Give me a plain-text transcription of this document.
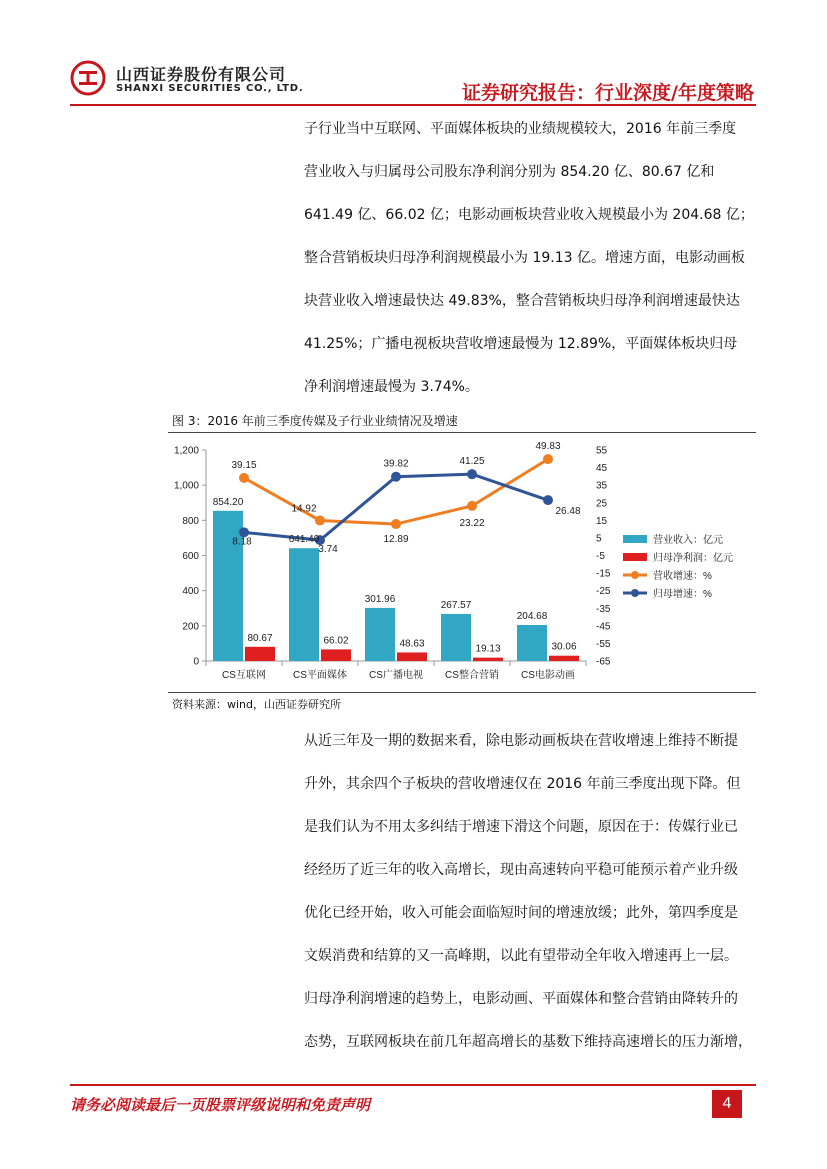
山西证券股份有限公司
SHANXI SECURITIES CO., LTD.	证券研究报告：行业深度/年度策略
子行业当中互联网、平面媒体板块的业绩规模较大，2016 年前三季度
营业收入与归属母公司股东净利润分别为 854.20 亿、80.67 亿和
641.49 亿、66.02 亿；电影动画板块营业收入规模最小为 204.68 亿；
整合营销板块归母净利润规模最小为 19.13 亿。增速方面，电影动画板
块营业收入增速最快达 49.83%，整合营销板块归母净利润增速最快达
41.25%；广播电视板块营收增速最慢为 12.89%，平面媒体板块归母
净利润增速最慢为 3.74%。
图 3：2016 年前三季度传媒及子行业业绩情况及增速
0
200
400
600
800
1,000
1,200	55
45
35
25
15
5
-5
-15
-25
-35
-45
-55
-65
CS互联网	CS平面媒体 CS广播电视 CS整合营销 CS电影动画
854.20
641.49
301.96
267.57
204.68
80.67	66.02	48.63	19.13	30.06
39.15
14.92
12.89
23.22
49.83
8.18
3.74
39.82	41.25
26.48
营业收入：亿元
归母净利润：亿元
营收增速：%
归母增速：%
资料来源：wind，山西证券研究所
从近三年及一期的数据来看，除电影动画板块在营收增速上维持不断提
升外，其余四个子板块的营收增速仅在 2016 年前三季度出现下降。但
是我们认为不用太多纠结于增速下滑这个问题，原因在于：传媒行业已
经经历了近三年的收入高增长，现由高速转向平稳可能预示着产业升级
优化已经开始，收入可能会面临短时间的增速放缓；此外，第四季度是
文娱消费和结算的又一高峰期，以此有望带动全年收入增速再上一层。
归母净利润增速的趋势上，电影动画、平面媒体和整合营销由降转升的
态势，互联网板块在前几年超高增长的基数下维持高速增长的压力渐增，
请务必阅读最后一页股票评级说明和免责声明	4
